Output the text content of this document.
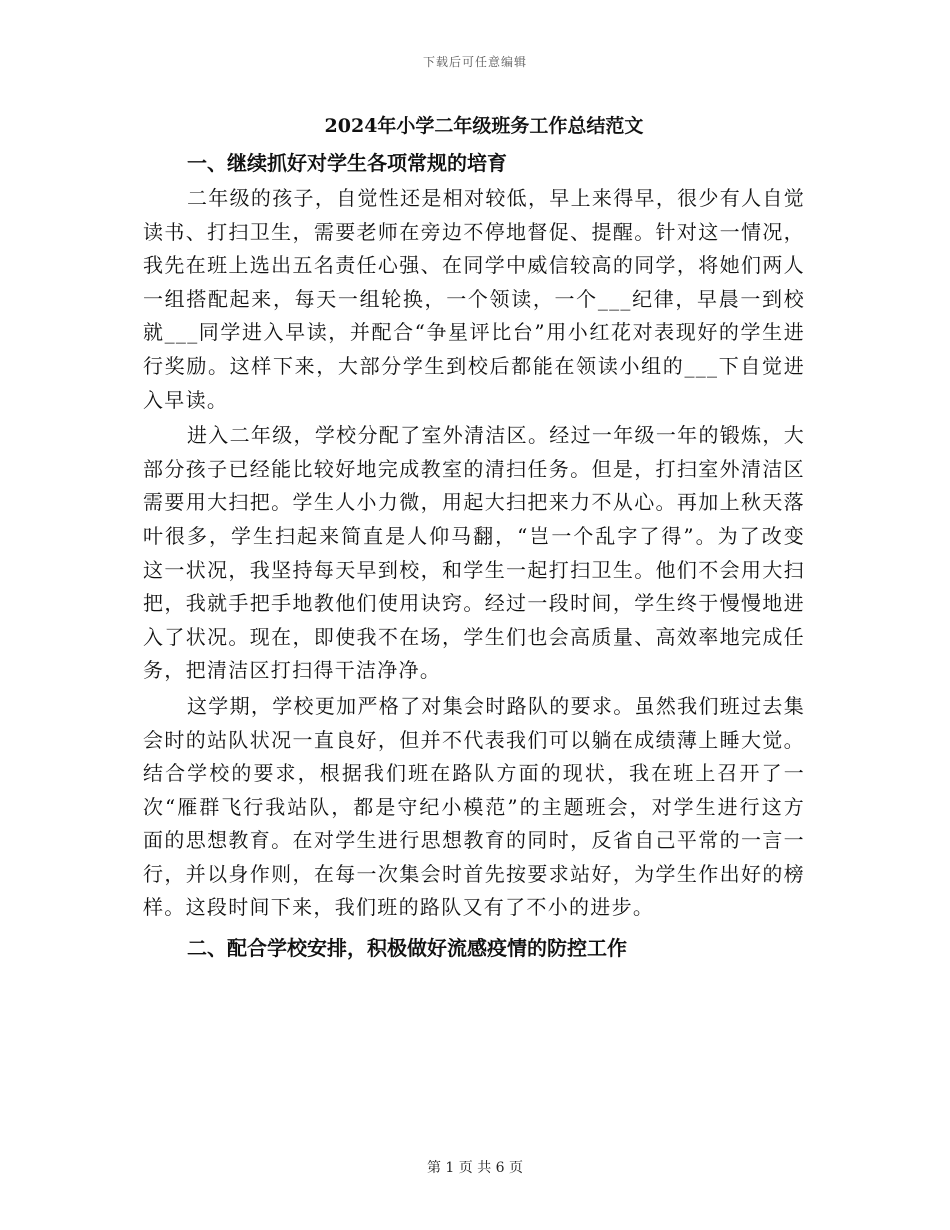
下载后可任意编辑
2024年小学二年级班务工作总结范文
一、继续抓好对学生各项常规的培育

二年级的孩子，自觉性还是相对较低，早上来得早，很少有人自觉读书、打扫卫生，需要老师在旁边不停地督促、提醒。针对这一情况，我先在班上选出五名责任心强、在同学中威信较高的同学，将她们两人一组搭配起来，每天一组轮换，一个领读，一个___纪律，早晨一到校就___同学进入早读，并配合“争星评比台”用小红花对表现好的学生进行奖励。这样下来，大部分学生到校后都能在领读小组的___下自觉进入早读。

进入二年级，学校分配了室外清洁区。经过一年级一年的锻炼，大部分孩子已经能比较好地完成教室的清扫任务。但是，打扫室外清洁区需要用大扫把。学生人小力微，用起大扫把来力不从心。再加上秋天落叶很多，学生扫起来简直是人仰马翻，“岂一个乱字了得”。为了改变这一状况，我坚持每天早到校，和学生一起打扫卫生。他们不会用大扫把，我就手把手地教他们使用诀窍。经过一段时间，学生终于慢慢地进入了状况。现在，即使我不在场，学生们也会高质量、高效率地完成任务，把清洁区打扫得干洁净净。

这学期，学校更加严格了对集会时路队的要求。虽然我们班过去集会时的站队状况一直良好，但并不代表我们可以躺在成绩薄上睡大觉。结合学校的要求，根据我们班在路队方面的现状，我在班上召开了一次“雁群飞行我站队，都是守纪小模范”的主题班会，对学生进行这方面的思想教育。在对学生进行思想教育的同时，反省自己平常的一言一行，并以身作则，在每一次集会时首先按要求站好，为学生作出好的榜样。这段时间下来，我们班的路队又有了不小的进步。

二、配合学校安排，积极做好流感疫情的防控工作
第 1 页 共 6 页
